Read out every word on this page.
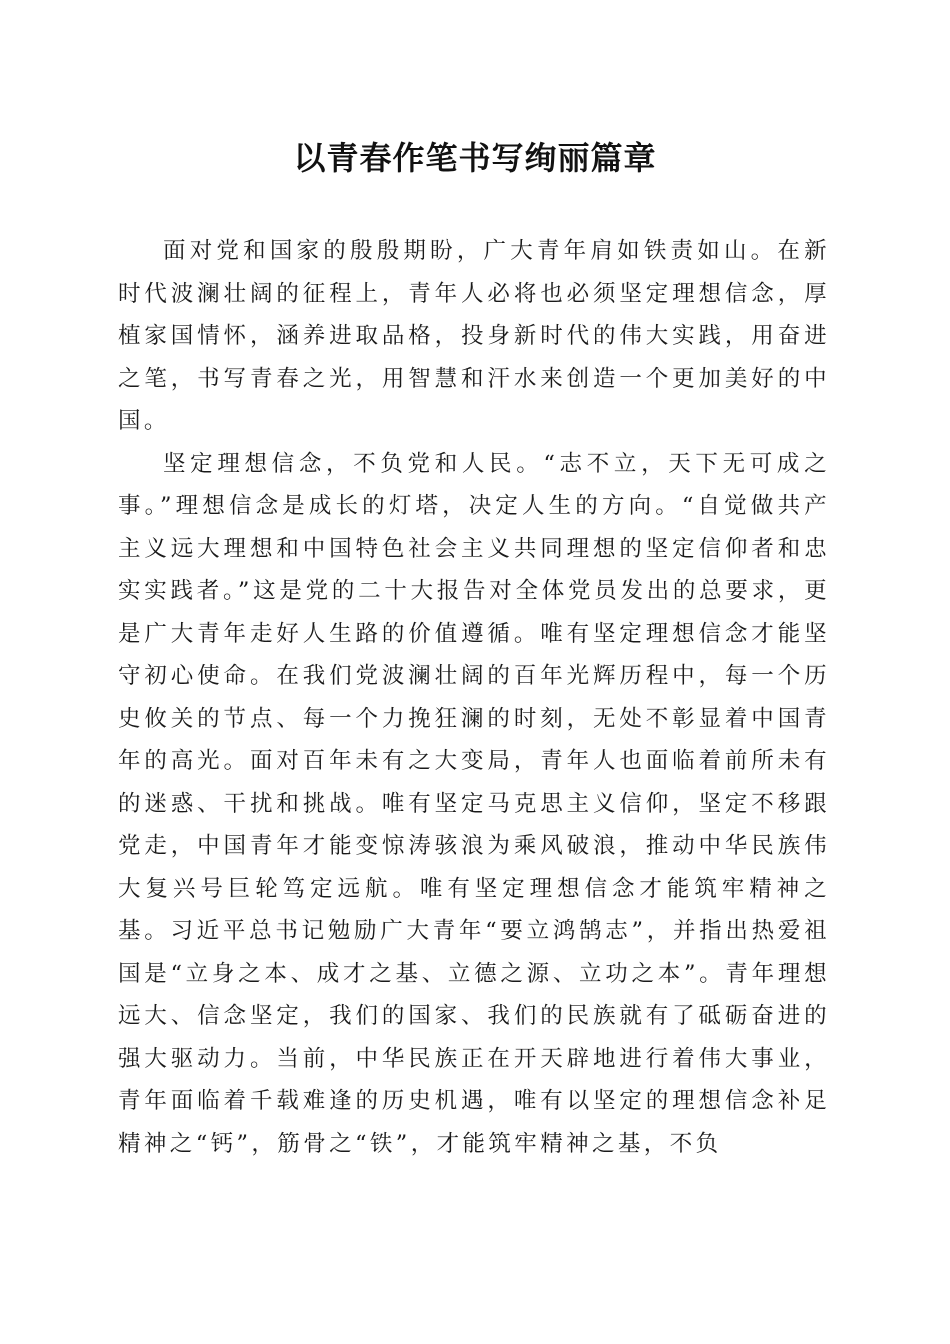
以青春作笔书写绚丽篇章

面对党和国家的殷殷期盼，广大青年肩如铁责如山。在新时代波澜壮阔的征程上，青年人必将也必须坚定理想信念，厚植家国情怀，涵养进取品格，投身新时代的伟大实践，用奋进之笔，书写青春之光，用智慧和汗水来创造一个更加美好的中国。

坚定理想信念，不负党和人民。“志不立，天下无可成之事。”理想信念是成长的灯塔，决定人生的方向。“自觉做共产主义远大理想和中国特色社会主义共同理想的坚定信仰者和忠实实践者。”这是党的二十大报告对全体党员发出的总要求，更是广大青年走好人生路的价值遵循。唯有坚定理想信念才能坚守初心使命。在我们党波澜壮阔的百年光辉历程中，每一个历史攸关的节点、每一个力挽狂澜的时刻，无处不彰显着中国青年的高光。面对百年未有之大变局，青年人也面临着前所未有的迷惑、干扰和挑战。唯有坚定马克思主义信仰，坚定不移跟党走，中国青年才能变惊涛骇浪为乘风破浪，推动中华民族伟大复兴号巨轮笃定远航。唯有坚定理想信念才能筑牢精神之基。习近平总书记勉励广大青年“要立鸿鹄志”，并指出热爱祖国是“立身之本、成才之基、立德之源、立功之本”。青年理想远大、信念坚定，我们的国家、我们的民族就有了砥砺奋进的强大驱动力。当前，中华民族正在开天辟地进行着伟大事业，青年面临着千载难逢的历史机遇，唯有以坚定的理想信念补足精神之“钙”，筋骨之“铁”，才能筑牢精神之基，不负
